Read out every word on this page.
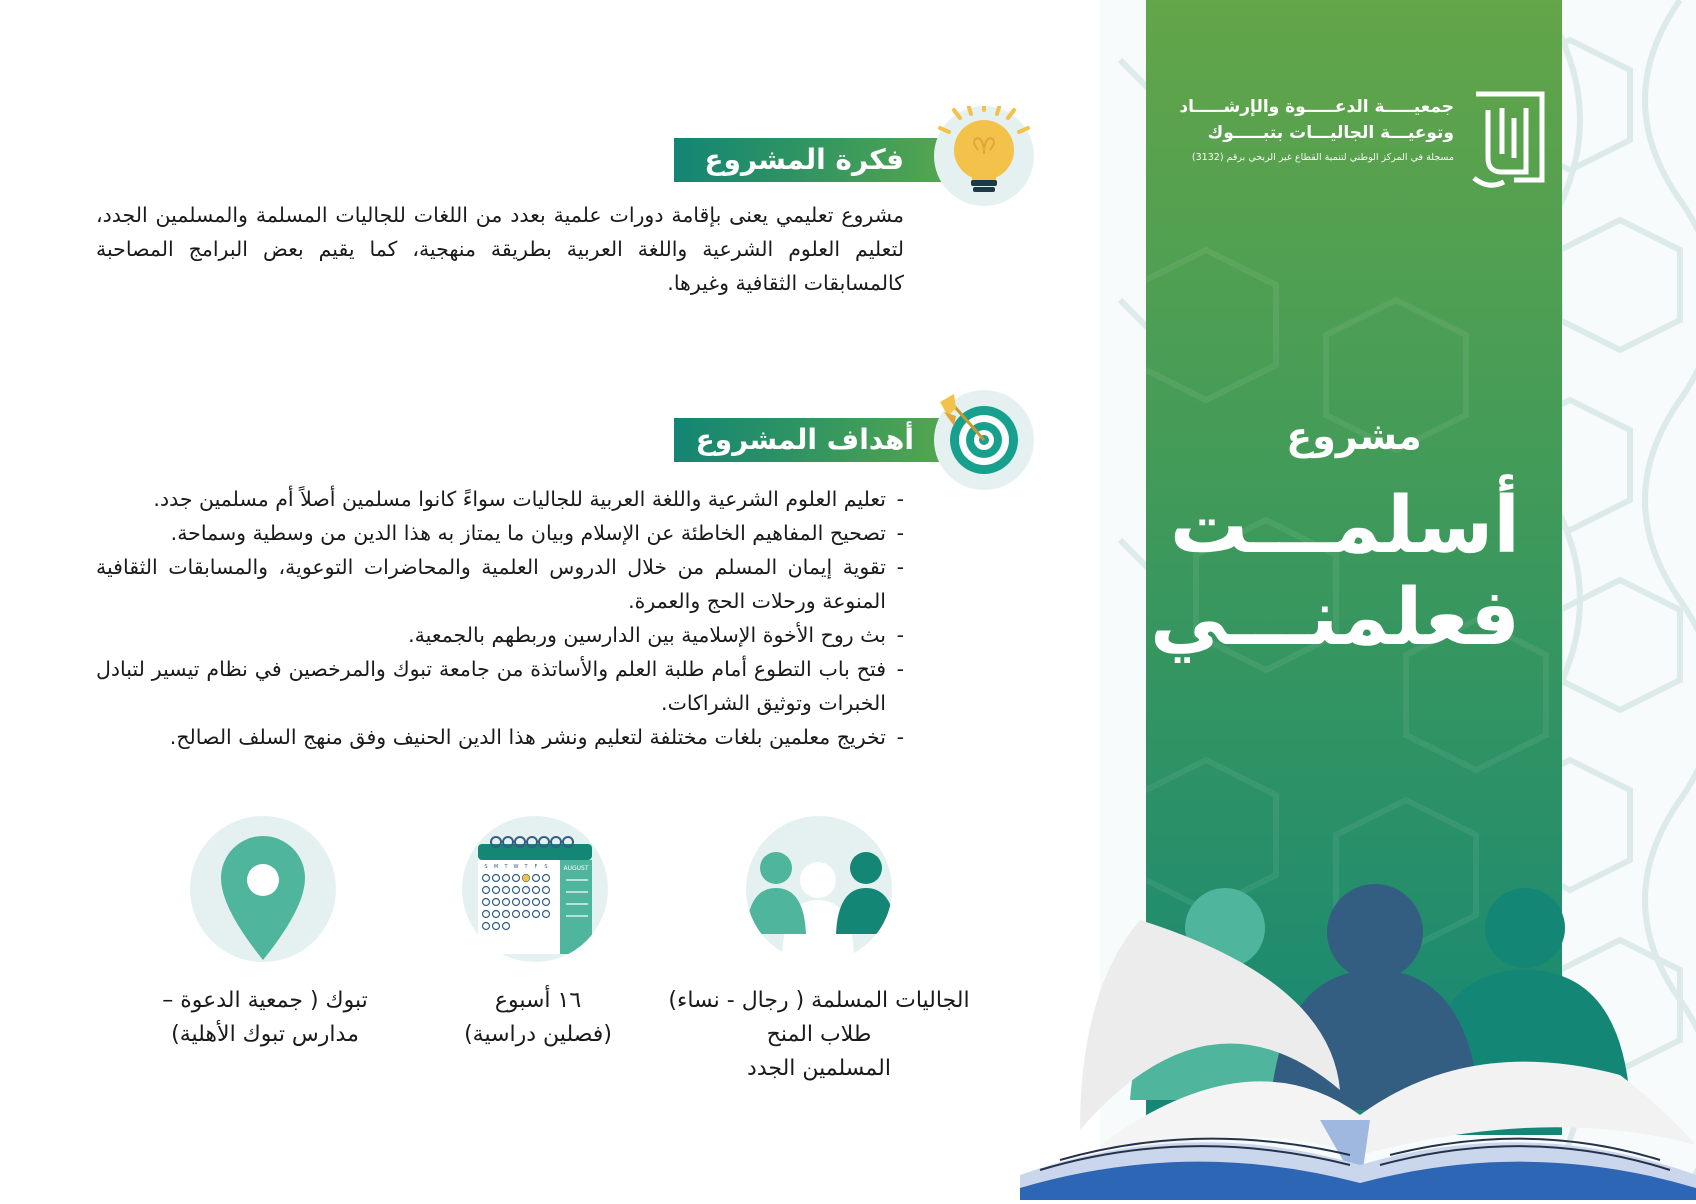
جمعيـــــة الدعـــــوة والإرشـــــاد
وتوعيـــة الجاليـــات بتبـــــوك
مسجلة في المركز الوطني لتنمية القطاع غير الربحي برقم (3132)
مشروع
أسلمـــت
فعلمنـــي
فكرة المشروع
مشروع تعليمي يعنى بإقامة دورات علمية بعدد من اللغات للجاليات المسلمة والمسلمين الجدد، لتعليم العلوم الشرعية واللغة العربية بطريقة منهجية، كما يقيم بعض البرامج المصاحبة كالمسابقات الثقافية وغيرها.
أهداف المشروع
- تعليم العلوم الشرعية واللغة العربية للجاليات سواءً كانوا مسلمين أصلاً أم مسلمين جدد.
- تصحيح المفاهيم الخاطئة عن الإسلام وبيان ما يمتاز به هذا الدين من وسطية وسماحة.
- تقوية إيمان المسلم من خلال الدروس العلمية والمحاضرات التوعوية، والمسابقات الثقافية المنوعة ورحلات الحج والعمرة.
- بث روح الأخوة الإسلامية بين الدارسين وربطهم بالجمعية.
- فتح باب التطوع أمام طلبة العلم والأساتذة من جامعة تبوك والمرخصين في نظام تيسير لتبادل الخبرات وتوثيق الشراكات.
- تخريج معلمين بلغات مختلفة لتعليم ونشر هذا الدين الحنيف وفق منهج السلف الصالح.
AUGUST
S M T W T F S
الجاليات المسلمة ( رجال - نساء)
طلاب المنح
المسلمين الجدد
١٦ أسبوع
(فصلين دراسية)
تبوك ( جمعية الدعوة –
مدارس تبوك الأهلية)
